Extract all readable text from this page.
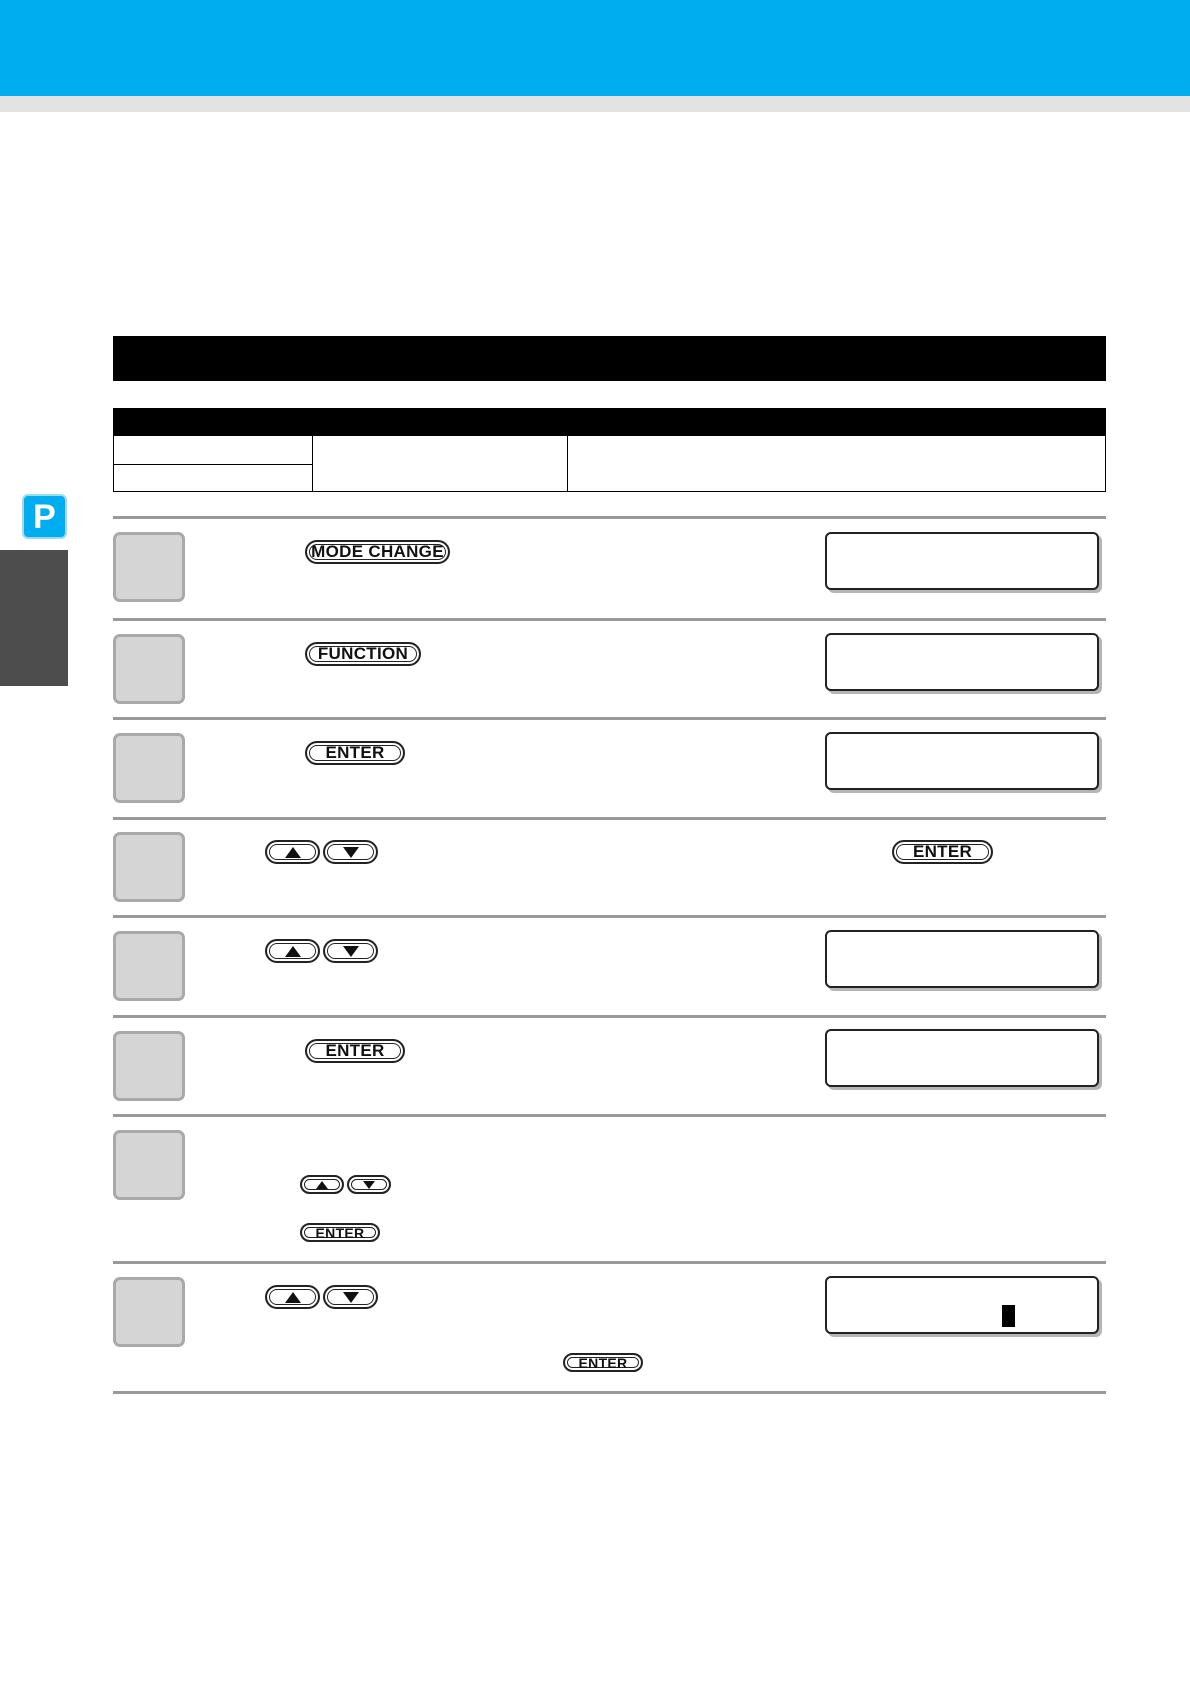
P
MODE CHANGE
FUNCTION
ENTER
ENTER
ENTER
ENTER
ENTER
